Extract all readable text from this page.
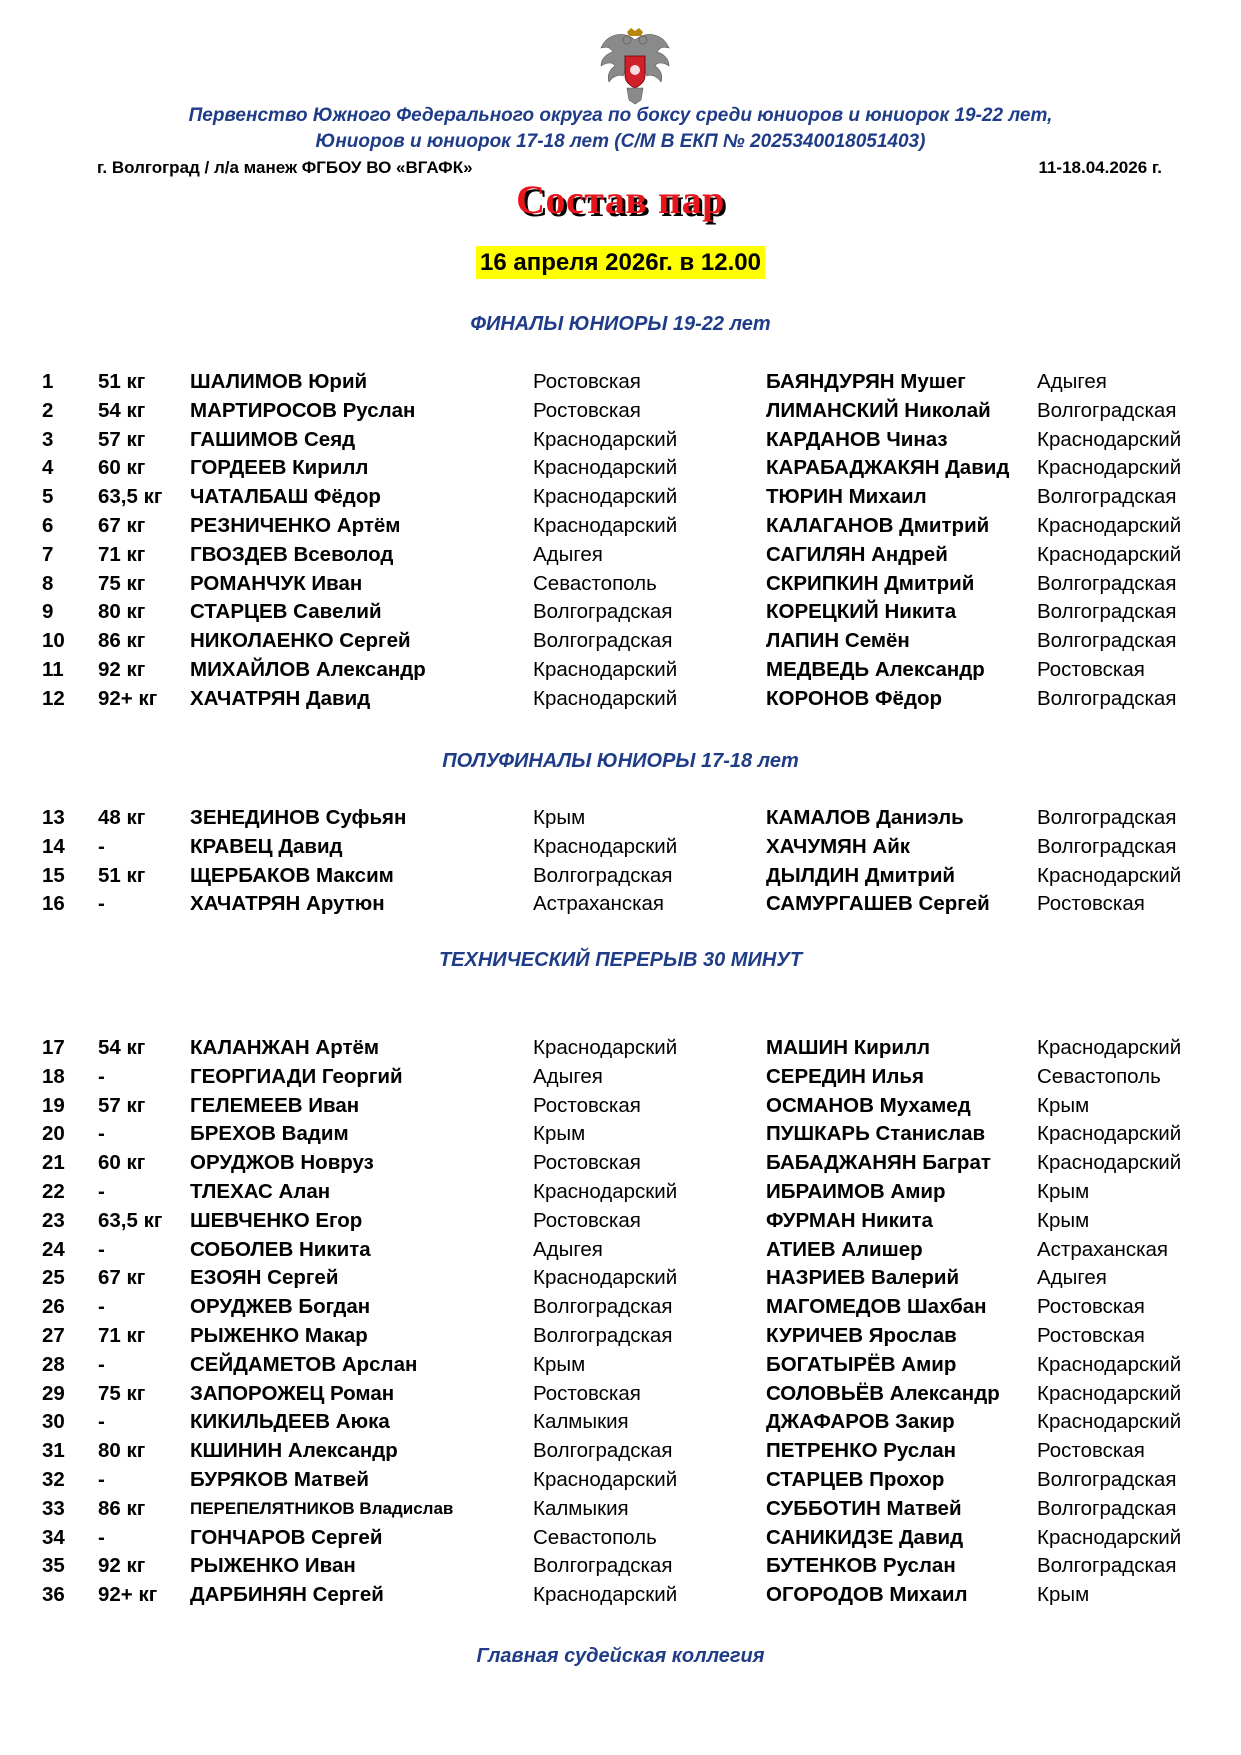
Первенство Южного Федерального округа по боксу среди юниоров и юниорок 19-22 лет,
Юниоров и юниорок 17-18 лет (С/М В ЕКП № 2025340018051403)
г. Волгоград / л/а манеж ФГБОУ ВО «ВГАФК»	11-18.04.2026 г.
Состав пар
16 апреля 2026г. в 12.00
ФИНАЛЫ ЮНИОРЫ 19-22 лет
1 51 кг ШАЛИМОВ Юрий	Ростовская	БАЯНДУРЯН Мушег	Адыгея
2 54 кг МАРТИРОСОВ Руслан	Ростовская	ЛИМАНСКИЙ Николай Волгоградская
3 57 кг ГАШИМОВ Сеяд	Краснодарский	КАРДАНОВ Чиназ	Краснодарский
4 60 кг ГОРДЕЕВ Кирилл	Краснодарский	КАРАБАДЖАКЯН Давид Краснодарский
5 63,5 кг ЧАТАЛБАШ Фёдор	Краснодарский	ТЮРИН Михаил	Волгоградская
6 67 кг РЕЗНИЧЕНКО Артём	Краснодарский	КАЛАГАНОВ Дмитрий Краснодарский
7 71 кг ГВОЗДЕВ Всеволод	Адыгея	САГИЛЯН Андрей	Краснодарский
8 75 кг РОМАНЧУК Иван	Севастополь	СКРИПКИН Дмитрий	Волгоградская
9 80 кг СТАРЦЕВ Савелий	Волгоградская	КОРЕЦКИЙ Никита	Волгоградская
10 86 кг НИКОЛАЕНКО Сергей	Волгоградская	ЛАПИН Семён	Волгоградская
11 92 кг МИХАЙЛОВ Александр	Краснодарский	МЕДВЕДЬ Александр	Ростовская
12 92+ кг ХАЧАТРЯН Давид	Краснодарский	КОРОНОВ Фёдор	Волгоградская
ПОЛУФИНАЛЫ ЮНИОРЫ 17-18 лет
13 48 кг ЗЕНЕДИНОВ Суфьян	Крым	КАМАЛОВ Даниэль	Волгоградская
14 -	КРАВЕЦ Давид	Краснодарский	ХАЧУМЯН Айк	Волгоградская
15 51 кг ЩЕРБАКОВ Максим	Волгоградская	ДЫЛДИН Дмитрий	Краснодарский
16 -	ХАЧАТРЯН Арутюн	Астраханская	САМУРГАШЕВ Сергей Ростовская
ТЕХНИЧЕСКИЙ ПЕРЕРЫВ 30 МИНУТ
17 54 кг КАЛАНЖАН Артём	Краснодарский	МАШИН Кирилл	Краснодарский
18 -	ГЕОРГИАДИ Георгий	Адыгея	СЕРЕДИН Илья	Севастополь
19 57 кг ГЕЛЕМЕЕВ Иван	Ростовская	ОСМАНОВ Мухамед	Крым
20 -	БРЕХОВ Вадим	Крым	ПУШКАРЬ Станислав	Краснодарский
21 60 кг ОРУДЖОВ Новруз	Ростовская	БАБАДЖАНЯН Баграт Краснодарский
22 -	ТЛЕХАС Алан	Краснодарский	ИБРАИМОВ Амир	Крым
23 63,5 кг ШЕВЧЕНКО Егор	Ростовская	ФУРМАН Никита	Крым
24 -	СОБОЛЕВ Никита	Адыгея	АТИЕВ Алишер	Астраханская
25 67 кг ЕЗОЯН Сергей	Краснодарский	НАЗРИЕВ Валерий	Адыгея
26 -	ОРУДЖЕВ Богдан	Волгоградская	МАГОМЕДОВ Шахбан Ростовская
27 71 кг РЫЖЕНКО Макар	Волгоградская	КУРИЧЕВ Ярослав	Ростовская
28 -	СЕЙДАМЕТОВ Арслан	Крым	БОГАТЫРЁВ Амир	Краснодарский
29 75 кг ЗАПОРОЖЕЦ Роман	Ростовская	СОЛОВЬЁВ Александр Краснодарский
30 -	КИКИЛЬДЕЕВ Аюка	Калмыкия	ДЖАФАРОВ Закир	Краснодарский
31 80 кг КШИНИН Александр	Волгоградская	ПЕТРЕНКО Руслан	Ростовская
32 -	БУРЯКОВ Матвей	Краснодарский	СТАРЦЕВ Прохор	Волгоградская
33 86 кг	ПЕРЕПЕЛЯТНИКОВ Владислав	Калмыкия	СУББОТИН Матвей	Волгоградская
34 -	ГОНЧАРОВ Сергей	Севастополь	САНИКИДЗЕ Давид	Краснодарский
35 92 кг РЫЖЕНКО Иван	Волгоградская	БУТЕНКОВ Руслан	Волгоградская
36 92+ кг ДАРБИНЯН Сергей	Краснодарский	ОГОРОДОВ Михаил	Крым
Главная судейская коллегия
